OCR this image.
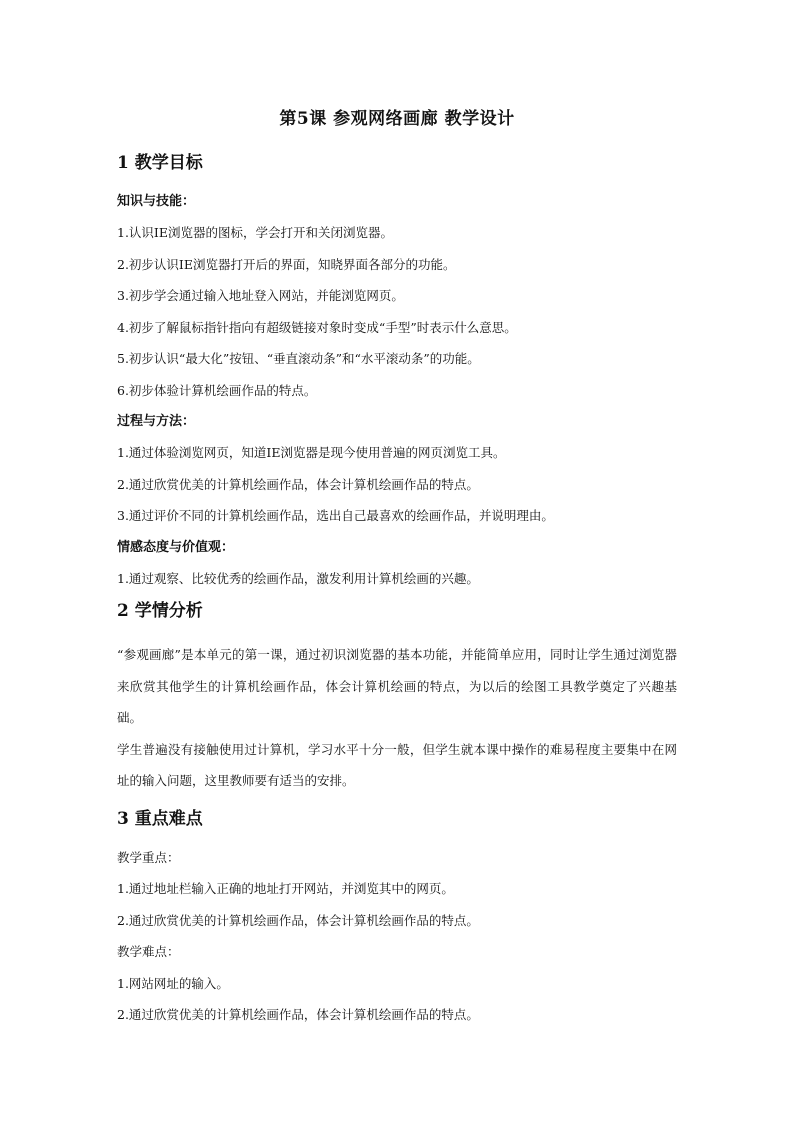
第5课 参观网络画廊 教学设计
1 教学目标
知识与技能：
1.认识IE浏览器的图标，学会打开和关闭浏览器。
2.初步认识IE浏览器打开后的界面，知晓界面各部分的功能。
3.初步学会通过输入地址登入网站，并能浏览网页。
4.初步了解鼠标指针指向有超级链接对象时变成“手型”时表示什么意思。
5.初步认识“最大化”按钮、“垂直滚动条”和“水平滚动条”的功能。
6.初步体验计算机绘画作品的特点。
过程与方法：
1.通过体验浏览网页，知道IE浏览器是现今使用普遍的网页浏览工具。
2.通过欣赏优美的计算机绘画作品，体会计算机绘画作品的特点。
3.通过评价不同的计算机绘画作品，选出自己最喜欢的绘画作品，并说明理由。
情感态度与价值观：
1.通过观察、比较优秀的绘画作品，激发利用计算机绘画的兴趣。
2 学情分析

“参观画廊”是本单元的第一课，通过初识浏览器的基本功能，并能简单应用，同时让学生通过浏览器来欣赏其他学生的计算机绘画作品，体会计算机绘画的特点，为以后的绘图工具教学奠定了兴趣基础。

学生普遍没有接触使用过计算机，学习水平十分一般，但学生就本课中操作的难易程度主要集中在网址的输入问题，这里教师要有适当的安排。

3 重点难点
教学重点：
1.通过地址栏输入正确的地址打开网站，并浏览其中的网页。
2.通过欣赏优美的计算机绘画作品，体会计算机绘画作品的特点。
教学难点：
1.网站网址的输入。
2.通过欣赏优美的计算机绘画作品，体会计算机绘画作品的特点。
